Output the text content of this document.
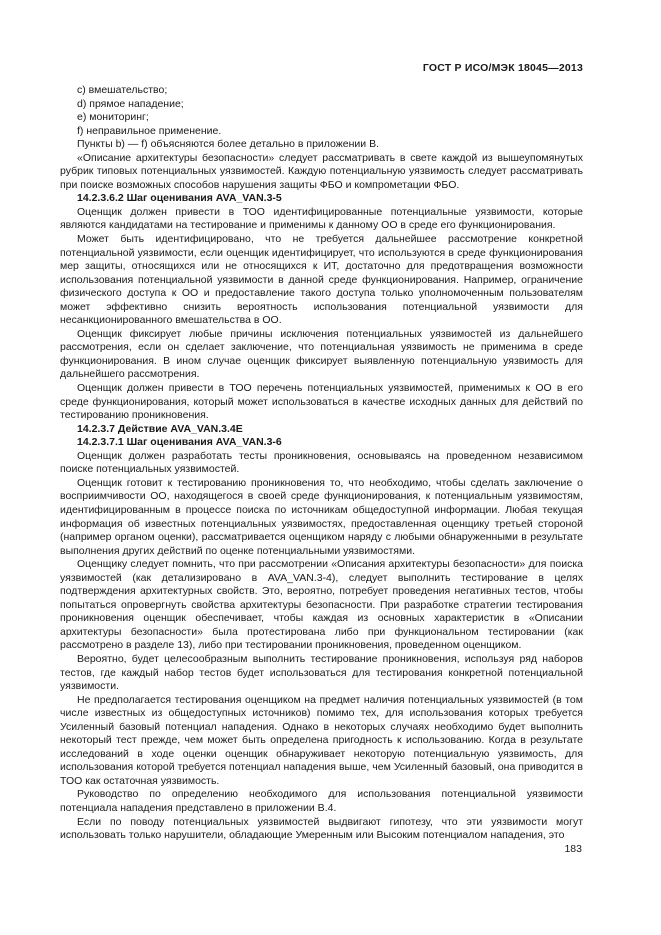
ГОСТ Р ИСО/МЭК 18045—2013

c) вмешательство;

d) прямое нападение;

e) мониторинг;

f) неправильное применение.

Пункты b) — f) объясняются более детально в приложении В.

«Описание архитектуры безопасности» следует рассматривать в свете каждой из вышеупомянутых рубрик типовых потенциальных уязвимостей. Каждую потенциальную уязвимость следует рассматривать при поиске возможных способов нарушения защиты ФБО и компрометации ФБО.

14.2.3.6.2 Шаг оценивания AVA_VAN.3-5

Оценщик должен привести в ТОО идентифицированные потенциальные уязвимости, которые являются кандидатами на тестирование и применимы к данному ОО в среде его функционирования.

Может быть идентифицировано, что не требуется дальнейшее рассмотрение конкретной потенциальной уязвимости, если оценщик идентифицирует, что используются в среде функционирования мер защиты, относящихся или не относящихся к ИТ, достаточно для предотвращения возможности использования потенциальной уязвимости в данной среде функционирования. Например, ограничение физического доступа к ОО и предоставление такого доступа только уполномоченным пользователям может эффективно снизить вероятность использования потенциальной уязвимости для несанкционированного вмешательства в ОО.

Оценщик фиксирует любые причины исключения потенциальных уязвимостей из дальнейшего рассмотрения, если он сделает заключение, что потенциальная уязвимость не применима в среде функционирования. В ином случае оценщик фиксирует выявленную потенциальную уязвимость для дальнейшего рассмотрения.

Оценщик должен привести в ТОО перечень потенциальных уязвимостей, применимых к ОО в его среде функционирования, который может использоваться в качестве исходных данных для действий по тестированию проникновения.

14.2.3.7 Действие AVA_VAN.3.4E

14.2.3.7.1 Шаг оценивания AVA_VAN.3-6

Оценщик должен разработать тесты проникновения, основываясь на проведенном независимом поиске потенциальных уязвимостей.

Оценщик готовит к тестированию проникновения то, что необходимо, чтобы сделать заключение о восприимчивости ОО, находящегося в своей среде функционирования, к потенциальным уязвимостям, идентифицированным в процессе поиска по источникам общедоступной информации. Любая текущая информация об известных потенциальных уязвимостях, предоставленная оценщику третьей стороной (например органом оценки), рассматривается оценщиком наряду с любыми обнаруженными в результате выполнения других действий по оценке потенциальными уязвимостями.

Оценщику следует помнить, что при рассмотрении «Описания архитектуры безопасности» для поиска уязвимостей (как детализировано в AVA_VAN.3-4), следует выполнить тестирование в целях подтверждения архитектурных свойств. Это, вероятно, потребует проведения негативных тестов, чтобы попытаться опровергнуть свойства архитектуры безопасности. При разработке стратегии тестирования проникновения оценщик обеспечивает, чтобы каждая из основных характеристик в «Описании архитектуры безопасности» была протестирована либо при функциональном тестировании (как рассмотрено в разделе 13), либо при тестировании проникновения, проведенном оценщиком.

Вероятно, будет целесообразным выполнить тестирование проникновения, используя ряд наборов тестов, где каждый набор тестов будет использоваться для тестирования конкретной потенциальной уязвимости.

Не предполагается тестирования оценщиком на предмет наличия потенциальных уязвимостей (в том числе известных из общедоступных источников) помимо тех, для использования которых требуется Усиленный базовый потенциал нападения. Однако в некоторых случаях необходимо будет выполнить некоторый тест прежде, чем может быть определена пригодность к использованию. Когда в результате исследований в ходе оценки оценщик обнаруживает некоторую потенциальную уязвимость, для использования которой требуется потенциал нападения выше, чем Усиленный базовый, она приводится в ТОО как остаточная уязвимость.

Руководство по определению необходимого для использования потенциальной уязвимости потенциала нападения представлено в приложении В.4.

Если по поводу потенциальных уязвимостей выдвигают гипотезу, что эти уязвимости могут использовать только нарушители, обладающие Умеренным или Высоким потенциалом нападения, это

183
